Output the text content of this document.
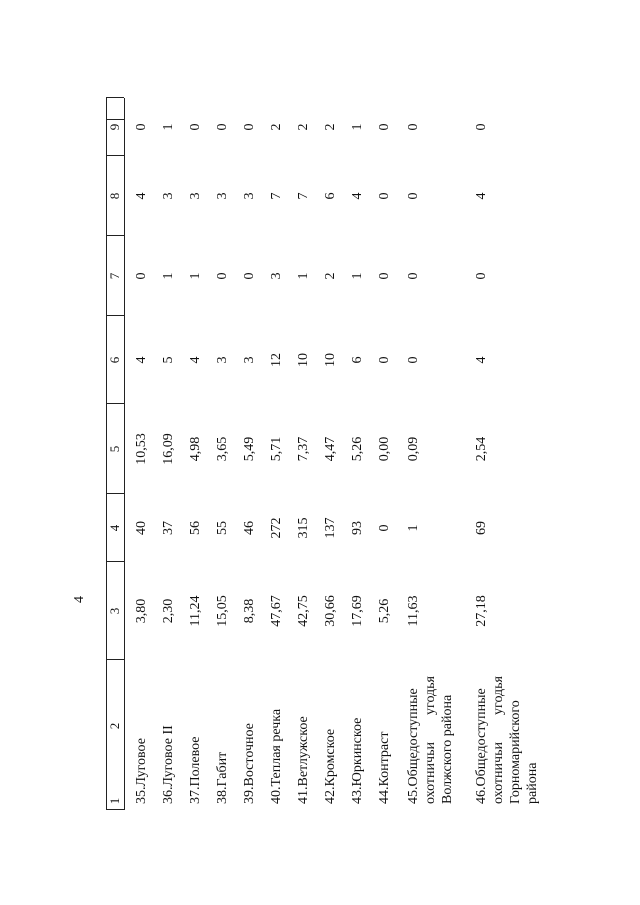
4
1
2
3
4
5
6
7
8
9
35.Луговое
3,80
40
10,53
4
0
4
0
36.Луговое II
2,30
37
16,09
5
1
3
1
37.Полевое
11,24
56
4,98
4
1
3
0
38.Габит
15,05
55
3,65
3
0
3
0
39.Восточное
8,38
46
5,49
3
0
3
0
40.Теплая речка
47,67
272
5,71
12
3
7
2
41.Ветлужское
42,75
315
7,37
10
1
7
2
42.Кромское
30,66
137
4,47
10
2
6
2
43.Юркинское
17,69
93
5,26
6
1
4
1
44.Контраст
5,26
0
0,00
0
0
0
0
45.Общедоступные охотничьи
угодья Волжского района
11,63
1
0,09
0
0
0
0
46.Общедоступные охотничьи
угодья
Горномарийского района
27,18
69
2,54
4
0
4
0
